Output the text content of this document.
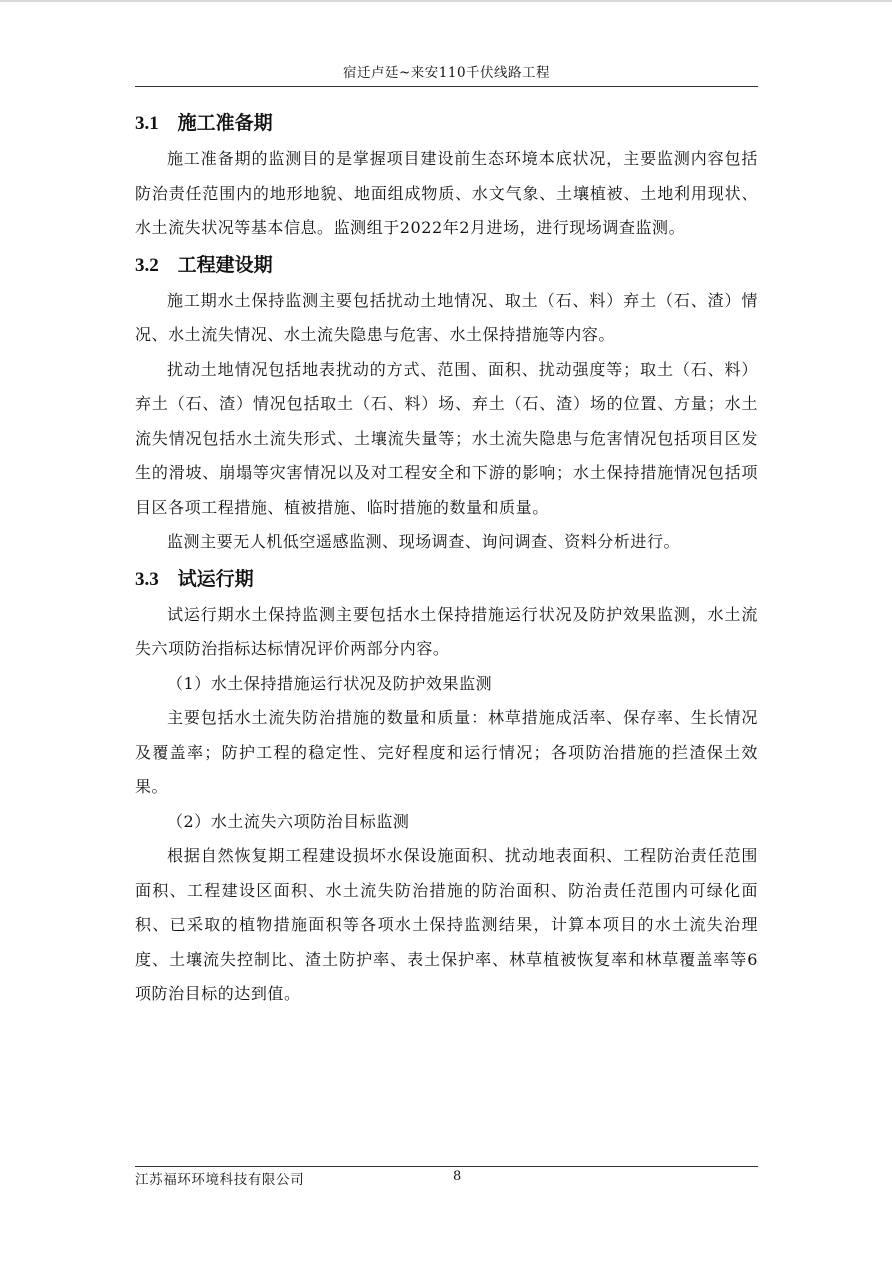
宿迁卢廷~来安110千伏线路工程
3.1 施工准备期

施工准备期的监测目的是掌握项目建设前生态环境本底状况，主要监测内容包括防治责任范围内的地形地貌、地面组成物质、水文气象、土壤植被、土地利用现状、水土流失状况等基本信息。监测组于2022年2月进场，进行现场调查监测。

3.2 工程建设期

施工期水土保持监测主要包括扰动土地情况、取土（石、料）弃土（石、渣）情况、水土流失情况、水土流失隐患与危害、水土保持措施等内容。

扰动土地情况包括地表扰动的方式、范围、面积、扰动强度等；取土（石、料）弃土（石、渣）情况包括取土（石、料）场、弃土（石、渣）场的位置、方量；水土流失情况包括水土流失形式、土壤流失量等；水土流失隐患与危害情况包括项目区发生的滑坡、崩塌等灾害情况以及对工程安全和下游的影响；水土保持措施情况包括项目区各项工程措施、植被措施、临时措施的数量和质量。

监测主要无人机低空遥感监测、现场调查、询问调查、资料分析进行。

3.3 试运行期

试运行期水土保持监测主要包括水土保持措施运行状况及防护效果监测，水土流失六项防治指标达标情况评价两部分内容。

（1）水土保持措施运行状况及防护效果监测

主要包括水土流失防治措施的数量和质量：林草措施成活率、保存率、生长情况及覆盖率；防护工程的稳定性、完好程度和运行情况；各项防治措施的拦渣保土效果。

（2）水土流失六项防治目标监测

根据自然恢复期工程建设损坏水保设施面积、扰动地表面积、工程防治责任范围面积、工程建设区面积、水土流失防治措施的防治面积、防治责任范围内可绿化面积、已采取的植物措施面积等各项水土保持监测结果，计算本项目的水土流失治理度、土壤流失控制比、渣土防护率、表土保护率、林草植被恢复率和林草覆盖率等6项防治目标的达到值。

江苏福环环境科技有限公司	8
